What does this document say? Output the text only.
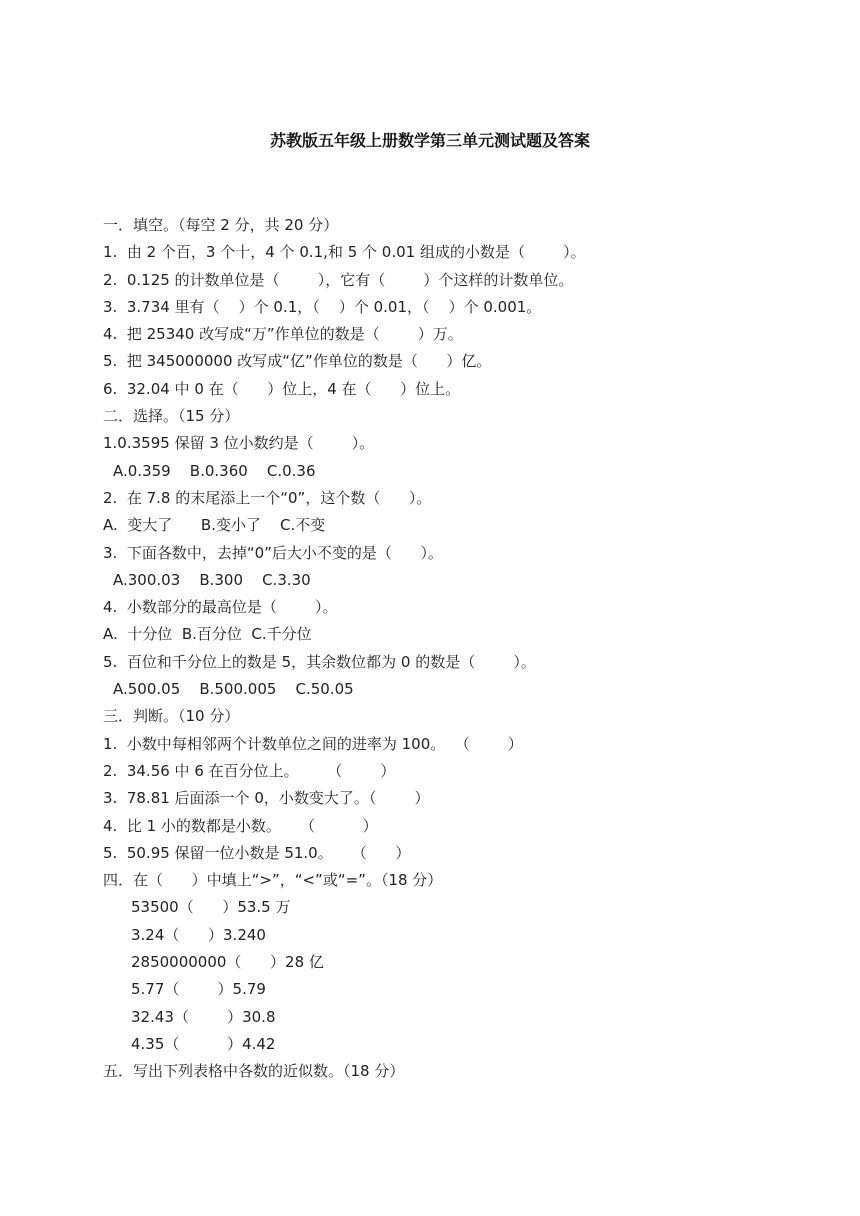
苏教版五年级上册数学第三单元测试题及答案
一．填空。（每空 2 分，共 20 分）
1.  由 2 个百，3 个十，4 个 0.1,和 5 个 0.01 组成的小数是（        ）。
2.  0.125 的计数单位是（        ），它有（        ）个这样的计数单位。
3.  3.734 里有（    ）个 0.1，（    ）个 0.01，（    ）个 0.001。
4.  把 25340 改写成“万”作单位的数是（        ）万。
5.  把 345000000 改写成“亿”作单位的数是（      ）亿。
6.  32.04 中 0 在（      ）位上，4 在（      ）位上。
二．选择。（15 分）
1.0.3595 保留 3 位小数约是（        ）。
A.0.359    B.0.360    C.0.36
2.  在 7.8 的末尾添上一个“0”，这个数（      ）。
A.  变大了      B.变小了    C.不变
3.  下面各数中，去掉“0”后大小不变的是（      ）。
A.300.03    B.300    C.3.30
4.  小数部分的最高位是（        ）。
A.  十分位  B.百分位  C.千分位
5.  百位和千分位上的数是 5，其余数位都为 0 的数是（        ）。
A.500.05    B.500.005    C.50.05
三．判断。（10 分）
1.  小数中每相邻两个计数单位之间的进率为 100。  （        ）
2.  34.56 中 6 在百分位上。      （        ）
3.  78.81 后面添一个 0，小数变大了。（        ）
4.  比 1 小的数都是小数。    （          ）
5.  50.95 保留一位小数是 51.0。    （      ）
四．在（      ）中填上“>”，“<”或“=”。（18 分）
53500（      ）53.5 万
3.24（      ）3.240
2850000000（      ）28 亿
5.77（        ）5.79
32.43（        ）30.8
4.35（          ）4.42
五．写出下列表格中各数的近似数。（18 分）
